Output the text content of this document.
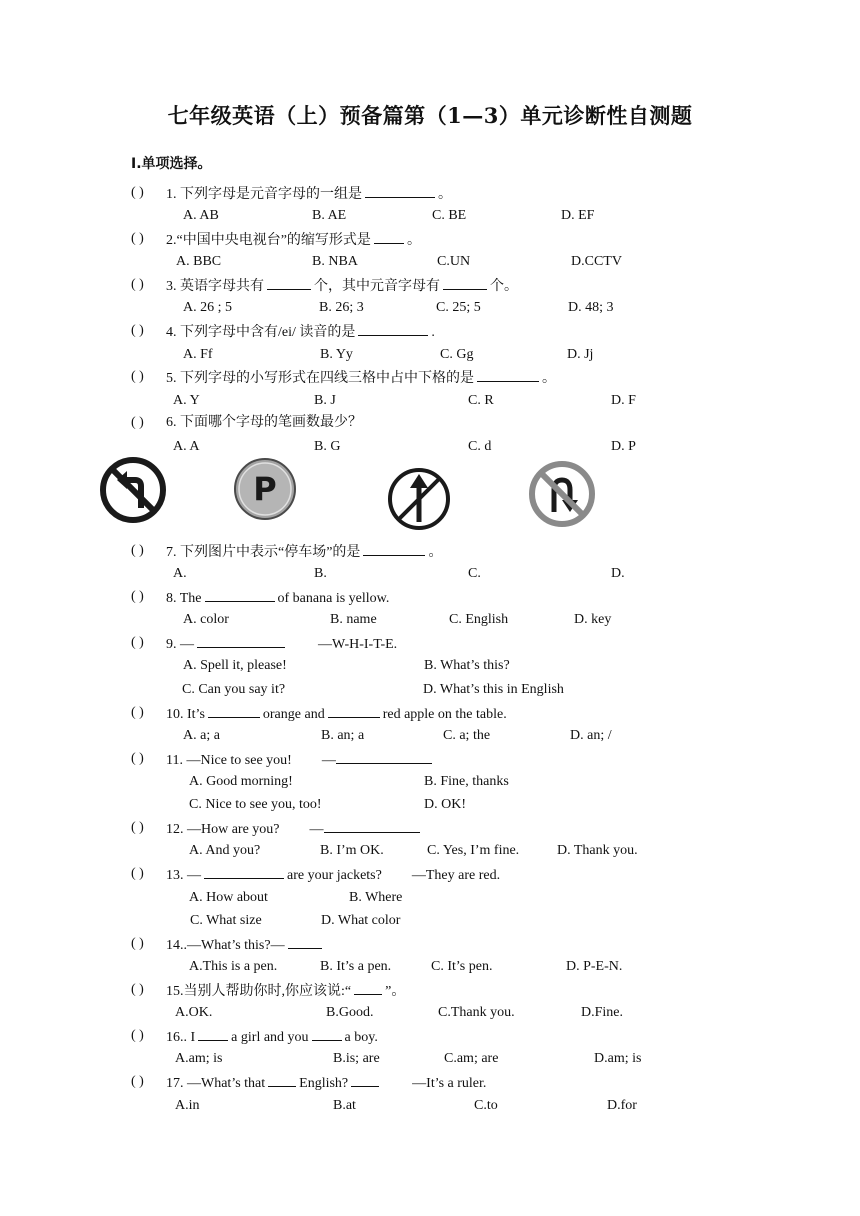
七年级英语（上）预备篇第（1—3）单元诊断性自测题
I.单项选择。
( ) 1. 下列字母是元音字母的一组是	。
A. AB	B. AE	C. BE	D. EF
( ) 2.“中国中央电视台”的缩写形式是	。
A. BBC	B. NBA	C.UN	D.CCTV
( ) 3. 英语字母共有	个，其中元音字母有	个。
A. 26 ; 5	B. 26; 3	C. 25; 5	D. 48; 3
( ) 4. 下列字母中含有/ei/ 读音的是	.
A. Ff	B. Yy	C. Gg	D. Jj
( ) 5. 下列字母的小写形式在四线三格中占中下格的是	。
A. Y	B. J	C. R	D. F
( ) 6. 下面哪个字母的笔画数最少？
A. A	B. G	C. d	D. P
( ) 7. 下列图片中表示“停车场”的是	。
A.	B.	C.	D.
( ) 8. The	of banana is yellow.
A. color	B. name	C. English	D. key
( ) 9. —	—W-H-I-T-E.
A. Spell it, please!	B. What’s this?
C. Can you say it?	D. What’s this in English
( ) 10. It’s	orange and	red apple on the table.
A. a; a	B. an; a	C. a; the	D. an; /
( ) 11. —Nice to see you! —
A. Good morning!	B. Fine, thanks
C. Nice to see you, too!	D. OK!
( ) 12. —How are you? —
A. And you?	B. I’m OK.	C. Yes, I’m fine.	D. Thank you.
( ) 13. —	are your jackets? —They are red.
A. How about	B. Where
C. What size	D. What color
( ) 14..—What’s this?—
A.This is a pen.	B. It’s a pen.	C. It’s pen.	D. P-E-N.
( ) 15.当别人帮助你时,你应该说:“ ”。
A.OK.	B.Good.	C.Thank you.	D.Fine.
( ) 16.. I	a girl and you	a boy.
A.am; is	B.is; are	C.am; are	D.am; is
( ) 17. —What’s that English?	—It’s a ruler.
A.in	B.at	C.to	D.for
P
